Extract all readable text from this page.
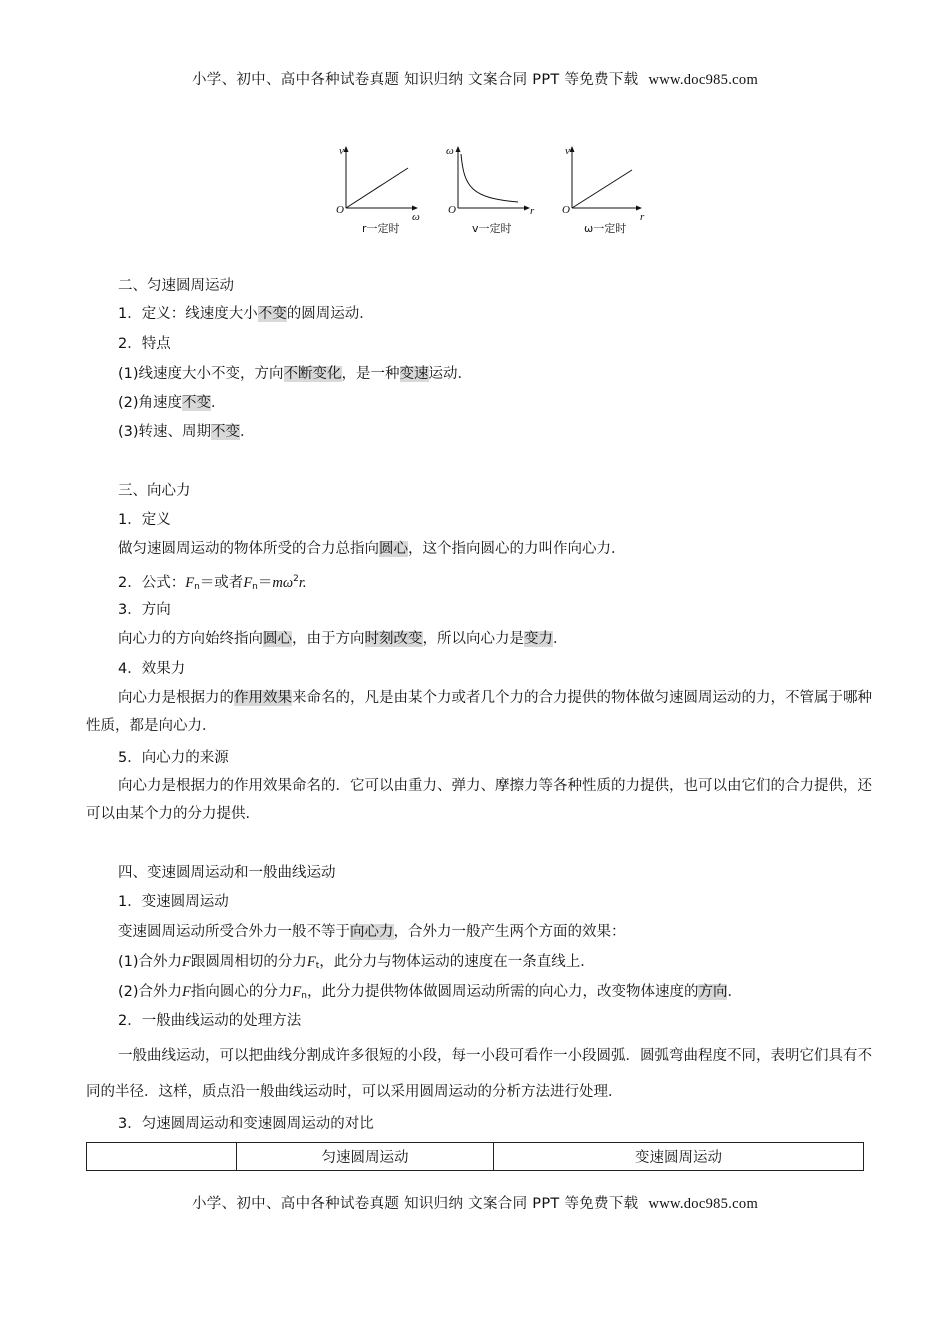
小学、初中、高中各种试卷真题 知识归纳 文案合同 PPT 等免费下载 www.doc985.com
v
O
ω
r一定时
ω
O	r
v一定时
v
O
r
ω一定时
二、匀速圆周运动
1．定义：线速度大小不变的圆周运动．
2．特点
(1)线速度大小不变，方向不断变化，是一种变速运动．
(2)角速度不变．
(3)转速、周期不变．
三、向心力
1．定义
做匀速圆周运动的物体所受的合力总指向圆心，这个指向圆心的力叫作向心力．
2．公式：$F_n=$或者$F_n=m\omega^2r$.
3．方向
向心力的方向始终指向圆心，由于方向时刻改变，所以向心力是变力．
4．效果力
向心力是根据力的作用效果来命名的，凡是由某个力或者几个力的合力提供的物体做匀速圆周运动的力，不管属于哪种性质，都是向心力．
5．向心力的来源
向心力是根据力的作用效果命名的．它可以由重力、弹力、摩擦力等各种性质的力提供，也可以由它们的合力提供，还可以由某个力的分力提供．
四、变速圆周运动和一般曲线运动
1．变速圆周运动
变速圆周运动所受合外力一般不等于向心力，合外力一般产生两个方面的效果：
(1)合外力F跟圆周相切的分力$F_t$，此分力与物体运动的速度在一条直线上．
(2)合外力F指向圆心的分力$F_n$，此分力提供物体做圆周运动所需的向心力，改变物体速度的方向．
2．一般曲线运动的处理方法
一般曲线运动，可以把曲线分割成许多很短的小段，每一小段可看作一小段圆弧．圆弧弯曲程度不同，表明它们具有不同的半径．这样，质点沿一般曲线运动时，可以采用圆周运动的分析方法进行处理．
3．匀速圆周运动和变速圆周运动的对比
	匀速圆周运动	变速圆周运动
小学、初中、高中各种试卷真题 知识归纳 文案合同 PPT 等免费下载 www.doc985.com
